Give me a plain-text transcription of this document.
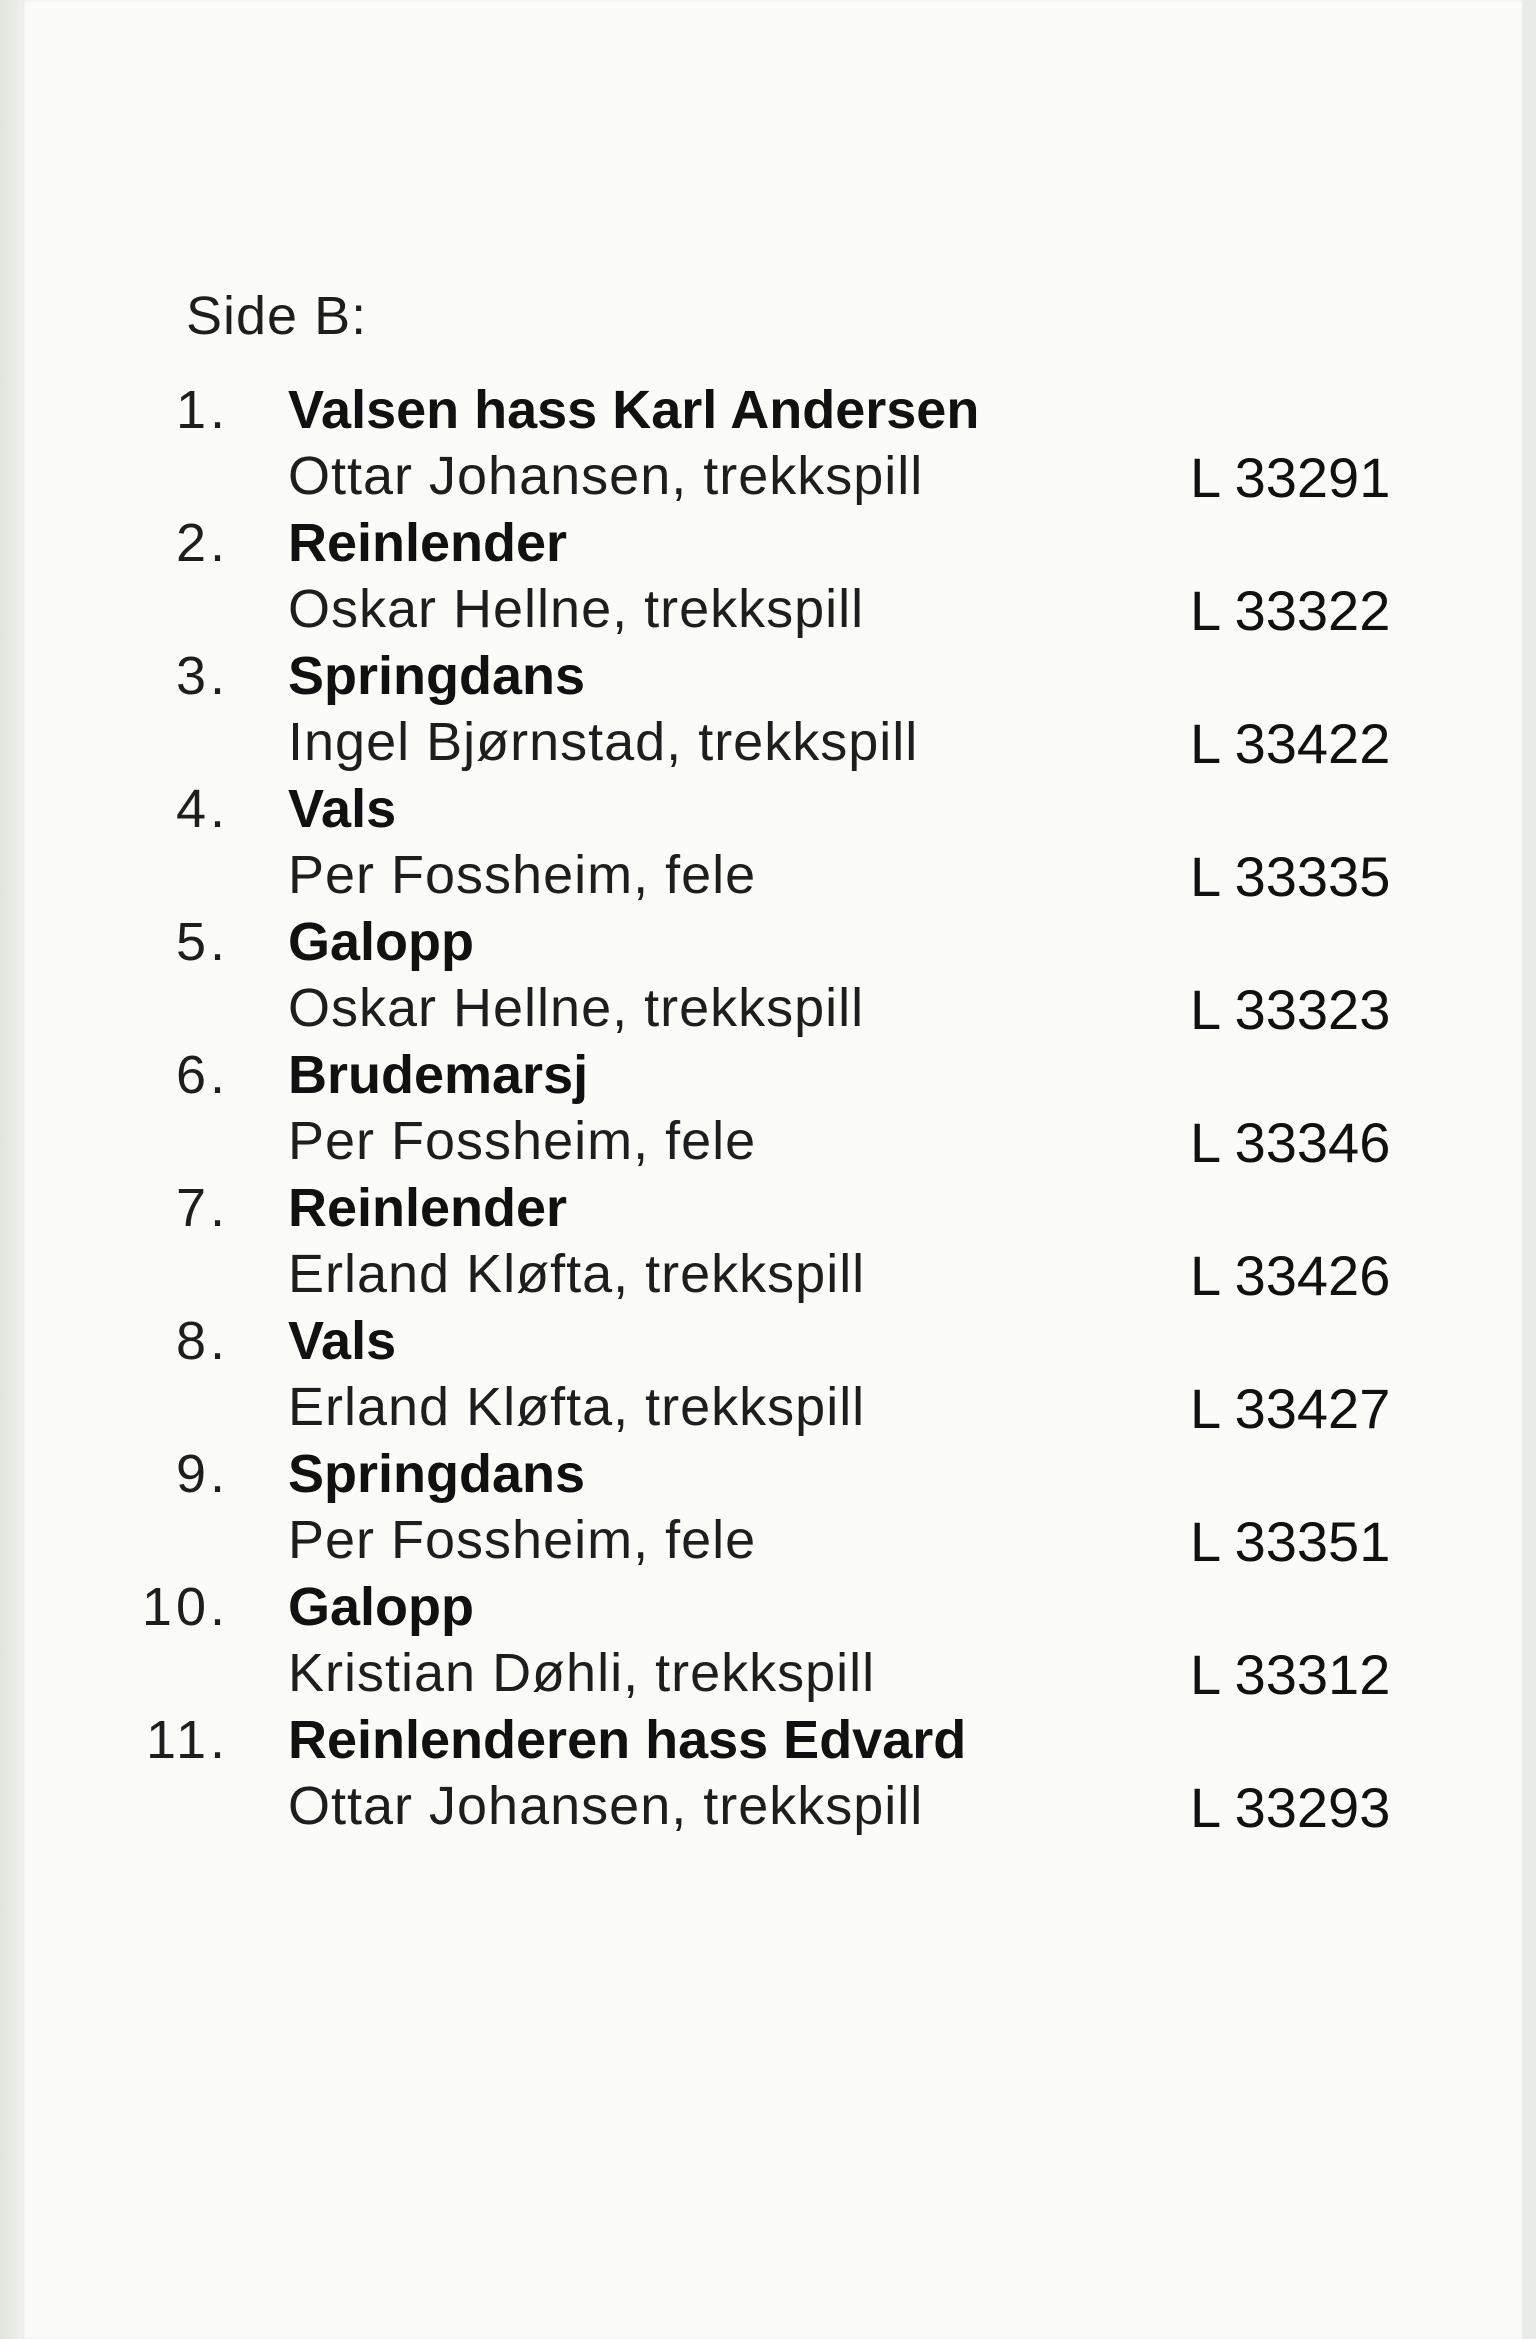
Side B:
1. Valsen hass Karl Andersen
Ottar Johansen, trekkspill	L 33291
2. Reinlender
Oskar Hellne, trekkspill	L 33322
3. Springdans
Ingel Bjørnstad, trekkspill	L 33422
4. Vals
Per Fossheim, fele	L 33335
5. Galopp
Oskar Hellne, trekkspill	L 33323
6. Brudemarsj
Per Fossheim, fele	L 33346
7. Reinlender
Erland Kløfta, trekkspill	L 33426
8. Vals
Erland Kløfta, trekkspill	L 33427
9. Springdans
Per Fossheim, fele	L 33351
10. Galopp
Kristian Døhli, trekkspill	L 33312
11. Reinlenderen hass Edvard
Ottar Johansen, trekkspill	L 33293
